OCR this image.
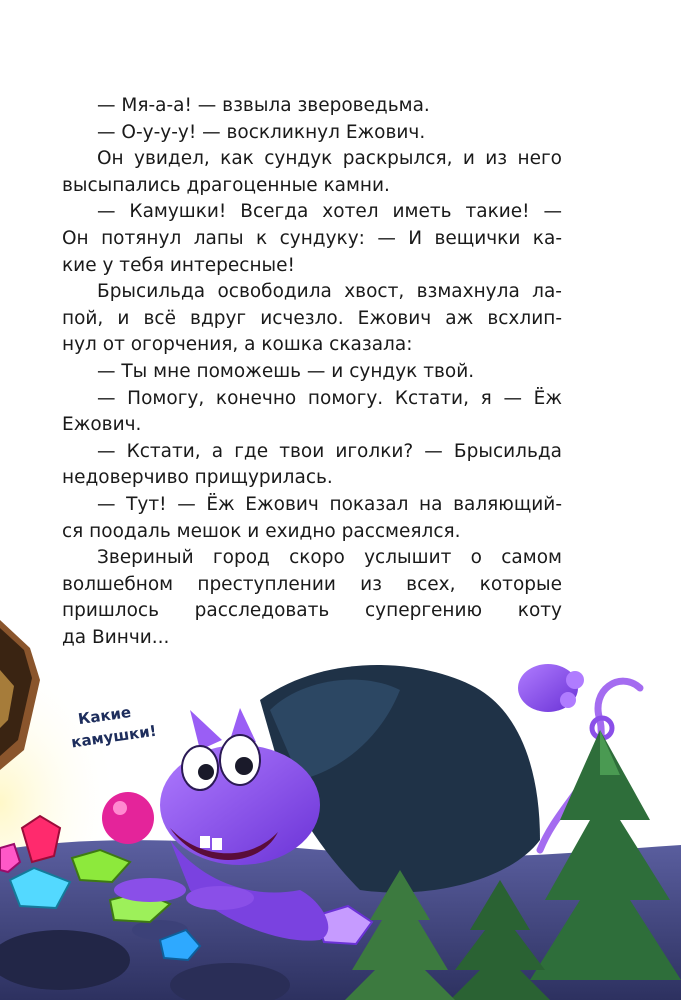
— Мя-а-а! — взвыла зверoведьма.
— О-у-у-у! — воскликнул Ежович.
Он увидел, как сундук раскрылся, и из него
высыпались драгоценные камни.
— Камушки! Всегда хотел иметь такие! —
Он потянул лапы к сундуку: — И вещички ка-
кие у тебя интересные!
Брысильда освободила хвост, взмахнула ла-
пой, и всё вдруг исчезло. Ежович аж всхлип-
нул от огорчения, а кошка сказала:
— Ты мне поможешь — и сундук твой.
— Помогу, конечно помогу. Кстати, я — Ёж
Ежович.
— Кстати, а где твои иголки? — Брысильда
недоверчиво прищурилась.
— Тут! — Ёж Ежович показал на валяющий-
ся поодаль мешок и ехидно рассмеялся.
Звериный город скоро услышит о самом
волшебном преступлении из всех, которые
пришлось расследовать супергению коту
да Винчи...
Какие
камушки!
